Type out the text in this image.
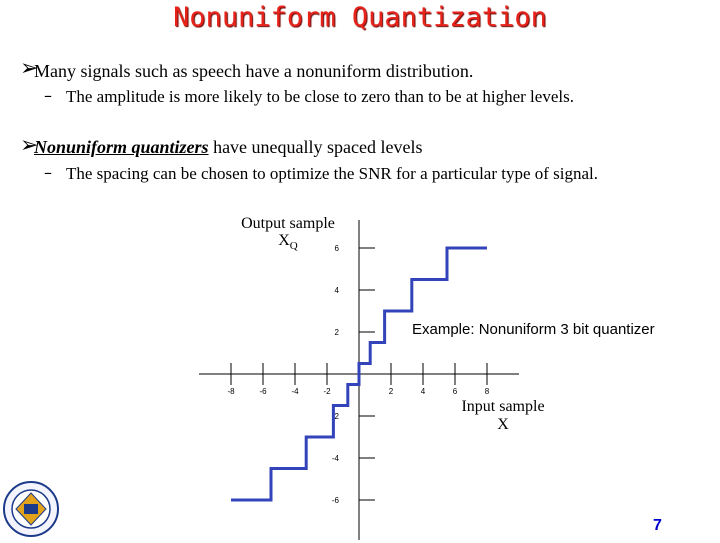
Nonuniform Quantization
➢
Many signals such as speech have a nonuniform distribution.
– The amplitude is more likely to be close to zero than to be at higher levels.
➢
Nonuniform quantizers have unequally spaced levels
– The spacing can be chosen to optimize the SNR for a particular type of signal.
Output sample
$X_Q$
Input sample
X
Example: Nonuniform 3 bit quantizer
-8	-6	-4	-2	2	4	6	8
6
4
2
-2
-4
-6
7
